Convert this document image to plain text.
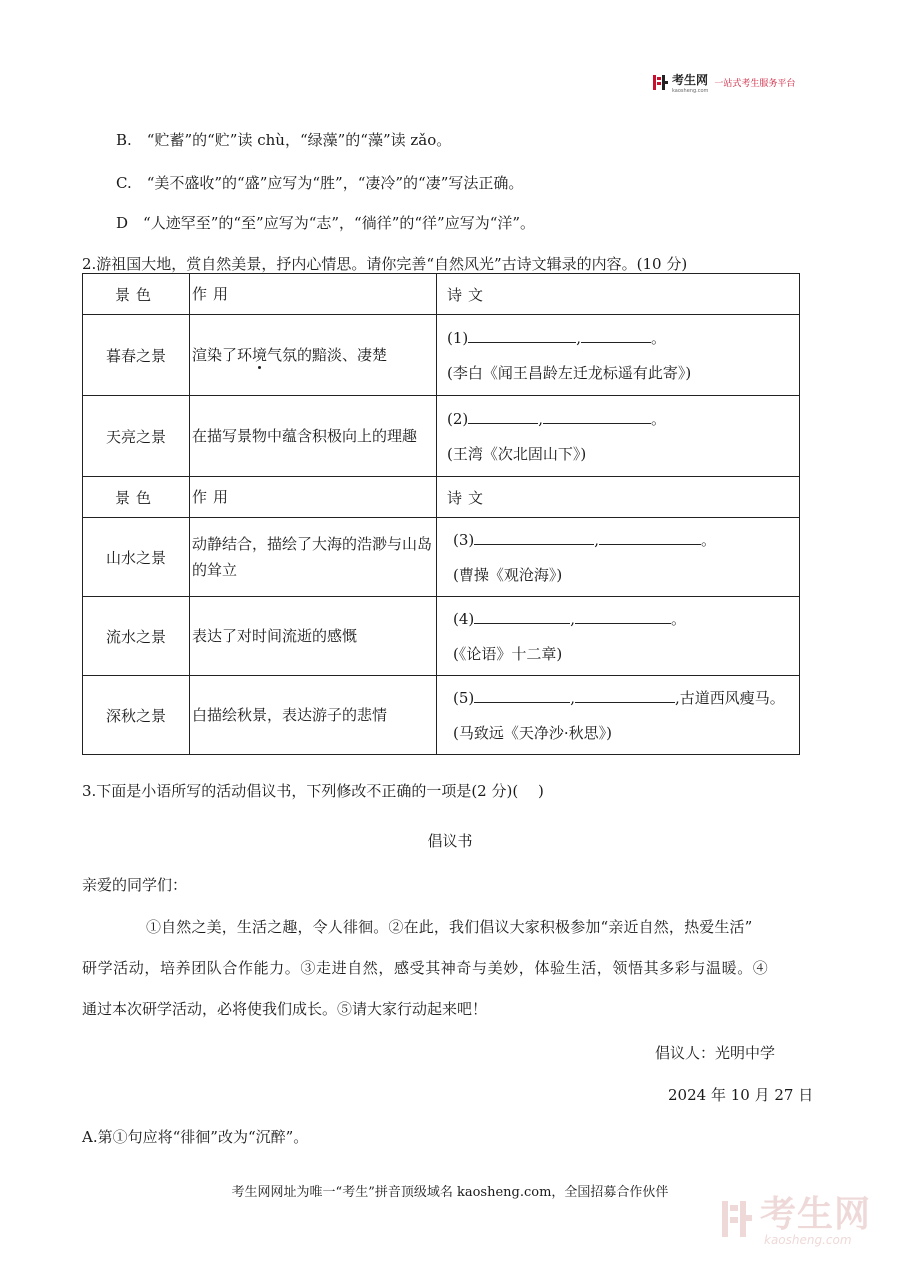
考生网
kaosheng.com
一站式考生服务平台
B.　“贮蓄”的“贮”读 chù，“绿藻”的“藻”读 zǎo。
C.　“美不盛收”的“盛”应写为“胜”，“凄冷”的“凄”写法正确。
D　“人迹罕至”的“至”应写为“志”，“徜徉”的“徉”应写为“洋”。
2.游祖国大地，赏自然美景，抒内心情思。请你完善“自然风光”古诗文辑录的内容。(10 分)
景色	作用	诗文
暮春之景	渲染了环境气氛的黯淡、凄楚	(1) , 。
(李白《闻王昌龄左迁龙标遥有此寄》)

天亮之景	在描写景物中蕴含积极向上的理趣	(2) , 。
(王湾《次北固山下》)

景色	作用	诗文
山水之景	动静结合，描绘了大海的浩渺与山岛的耸立	(3) , 。
(曹操《观沧海》)

流水之景	表达了对时间流逝的感慨	(4) , 。
(《论语》十二章)

深秋之景	白描绘秋景，表达游子的悲情	(5) , ,古道西风瘦马。
(马致远《天净沙·秋思》)
3.下面是小语所写的活动倡议书，下列修改不正确的一项是(2 分)(　 )
倡议书
亲爱的同学们：
①自然之美，生活之趣，令人徘徊。②在此，我们倡议大家积极参加“亲近自然，热爱生活”
研学活动，培养团队合作能力。③走进自然，感受其神奇与美妙，体验生活，领悟其多彩与温暖。④
通过本次研学活动，必将使我们成长。⑤请大家行动起来吧！
倡议人：光明中学
2024 年 10 月 27 日
A.第①句应将“徘徊”改为“沉醉”。
考生网网址为唯一“考生”拼音顶级域名 kaosheng.com，全国招募合作伙伴
考生网
kaosheng.com
